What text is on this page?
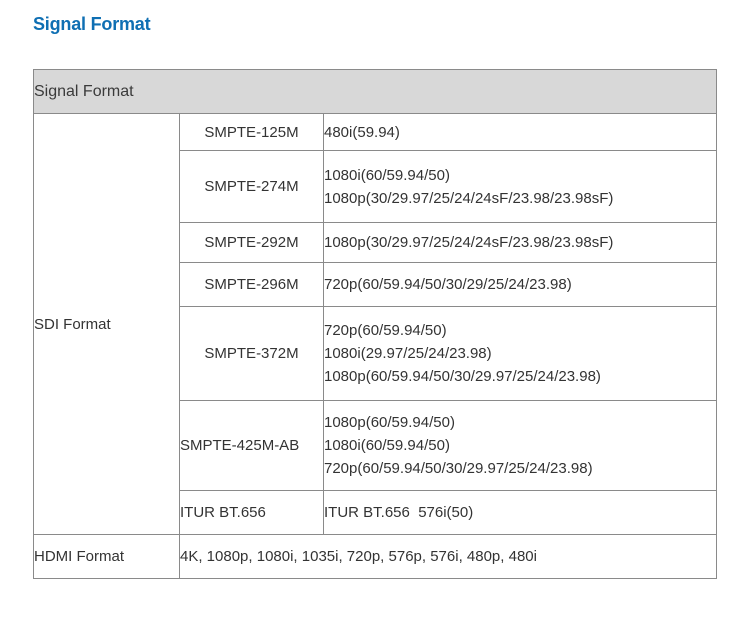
Signal Format
Signal Format		
SDI Format	SMPTE-125M	480i(59.94)

	SMPTE-274M	1080i(60/59.94/50)
1080p(30/29.97/25/24/24sF/23.98/23.98sF)

	SMPTE-292M	1080p(30/29.97/25/24/24sF/23.98/23.98sF)

	SMPTE-296M	720p(60/59.94/50/30/29/25/24/23.98)

	SMPTE-372M	720p(60/59.94/50)
1080i(29.97/25/24/23.98)
1080p(60/59.94/50/30/29.97/25/24/23.98)

	SMPTE-425M-AB	1080p(60/59.94/50)
1080i(60/59.94/50)
720p(60/59.94/50/30/29.97/25/24/23.98)

	ITUR BT.656	ITUR BT.656  576i(50)

HDMI Format	4K, 1080p, 1080i, 1035i, 720p, 576p, 576i, 480p, 480i	
